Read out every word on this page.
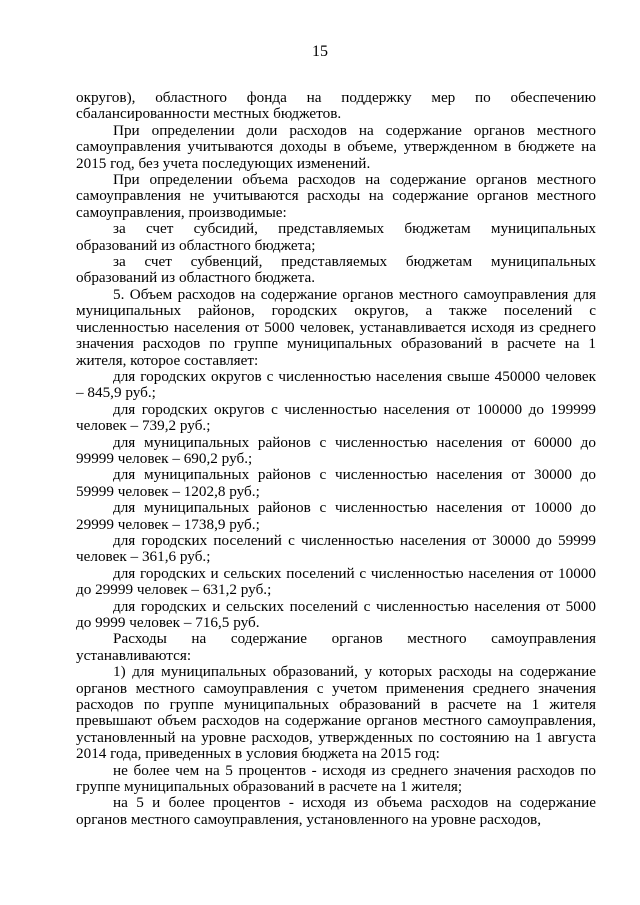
15

округов), областного фонда на поддержку мер по обеспечению сбалансированности местных бюджетов.

При определении доли расходов на содержание органов местного самоуправления учитываются доходы в объеме, утвержденном в бюджете на 2015 год, без учета последующих изменений.

При определении объема расходов на содержание органов местного самоуправления не учитываются расходы на содержание органов местного самоуправления, производимые:

за счет субсидий, представляемых бюджетам муниципальных образований из областного бюджета;

за счет субвенций, представляемых бюджетам муниципальных образований из областного бюджета.

5. Объем расходов на содержание органов местного самоуправления для муниципальных районов, городских округов, а также поселений с численностью населения от 5000 человек, устанавливается исходя из среднего значения расходов по группе муниципальных образований в расчете на 1 жителя, которое составляет:

для городских округов с численностью населения свыше 450000 человек – 845,9 руб.;

для городских округов с численностью населения от 100000 до 199999 человек – 739,2 руб.;

для муниципальных районов с численностью населения от 60000 до 99999 человек – 690,2 руб.;

для муниципальных районов с численностью населения от 30000 до 59999 человек – 1202,8 руб.;

для муниципальных районов с численностью населения от 10000 до 29999 человек – 1738,9 руб.;

для городских поселений с численностью населения от 30000 до 59999 человек – 361,6 руб.;

для городских и сельских поселений с численностью населения от 10000 до 29999 человек – 631,2 руб.;

для городских и сельских поселений с численностью населения от 5000 до 9999 человек – 716,5 руб.

Расходы на содержание органов местного самоуправления устанавливаются:

1) для муниципальных образований, у которых расходы на содержание органов местного самоуправления с учетом применения среднего значения расходов по группе муниципальных образований в расчете на 1 жителя превышают объем расходов на содержание органов местного самоуправления, установленный на уровне расходов, утвержденных по состоянию на 1 августа 2014 года, приведенных в условия бюджета на 2015 год:

не более чем на 5 процентов - исходя из среднего значения расходов по группе муниципальных образований в расчете на 1 жителя;

на 5 и более процентов - исходя из объема расходов на содержание органов местного самоуправления, установленного на уровне расходов,
